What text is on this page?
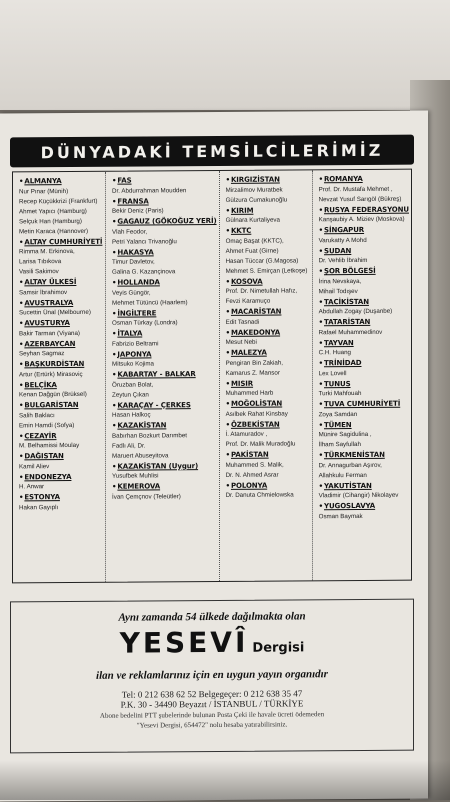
DÜNYADAKİ TEMSİLCİLERİMİZ
•ALMANYA
Nur Pınar (Münih)
Recep Küçükkrizi (Frankfurt)
Ahmet Yapıcı (Hamburg)
Selçuk Han (Hamburg)
Metin Karaca (Hannover)
•ALTAY CUMHURİYETİ
Rimma M. Erkinova,
Larisa Tıbıkova
Vasili Sakimov
•ALTAY ÜLKESİ
Samsir İbrahimov
•AVUSTRALYA
Sucettin Ünal (Melbourne)
•AVUSTURYA
Bakir Tarman (Viyana)
•AZERBAYCAN
Seyhan Sagmaz
•BAŞKURDİSTAN
Artur (Ertürk) Mirasoviç
•BELÇİKA
Kenan Dağgün (Brüksel)
•BULGARİSTAN
Salih Baklacı
Emin Hamdi (Sofya)
•CEZAYİR
M. Belhamissi Moulay
•DAĞISTAN
Kamil Aliev
•ENDONEZYA
H. Anwar
•ESTONYA
Hakan Gayıplı
•FAS
Dr. Abdurrahman Moudden
•FRANSA
Bekir Deniz (Paris)
•GAGAUZ (GÖKOĞUZ YERİ)
Vlah Feodor,
Petri Yalancı Trivanoğlu
•HAKASYA
Timur Davletov,
Galina G. Kazançinova
•HOLLANDA
Veyis Güngör,
Mehmet Tütüncü (Haarlem)
•İNGİLTERE
Osman Türkay (Londra)
•İTALYA
Fabrizio Beltrami
•JAPONYA
Mitsuko Kojima
•KABARTAY - BALKAR
Öruzban Bolat,
Zeytun Çıkan
•KARAÇAY - ÇERKES
Hasan Halkoç
•KAZAKİSTAN
Babırhan Bozkurt Darımbet
Fadlı Ali, Dr.
Maruert Abuseyitova
•KAZAKİSTAN (Uygur)
Yusufbek Muhlisi
•KEMEROVA
İvan Çemçnov (Teleütler)
•KIRGIZİSTAN
Mirzalimov Muratbek
Gülzura Cumakunoğlu
•KIRIM
Gülnara Kurtaliyeva
•KKTC
Omaç Başat (KKTC),
Ahmet Fuat (Girne)
Hasan Tüccar (G.Magosa)
Mehmet S. Emirçan (Letkoşe)
•KOSOVA
Prof. Dr. Nimetullah Hafız,
Fevzi Karamuço
•MACARİSTAN
Edit Tasnadi
•MAKEDONYA
Mesut Nebi
•MALEZYA
Pengiran Bin Zakiah,
Kamarus Z. Mansor
•MISIR
Muhammed Harb
•MOĞOLİSTAN
Asılbek Rahat Kinsbay
•ÖZBEKİSTAN
İ. Atamuradov ,
Prof. Dr. Malik Muradoğlu
•PAKİSTAN
Muhammed S. Malik,
Dr. N. Ahmed Asrar
•POLONYA
Dr. Danuta Chmielowska
•ROMANYA
Prof. Dr. Mustafa Mehmet ,
Nevzat Yusuf Sarıgöl (Bükreş)
•RUSYA FEDERASYONU
Kanşaubiy A. Miziev (Moskova)
•SİNGAPUR
Varukatty A Mohd
•SUDAN
Dr. Vehlib İbrahim
•ŞOR BÖLGESİ
İrina Nevskaya,
Mihail Todışev
•TACİKİSTAN
Abdullah Zogay (Duşanbe)
•TATARİSTAN
Rafael Muhammedinov
•TAYVAN
C.H. Huang
•TRİNİDAD
Lex Lovell
•TUNUS
Turki Mahfouah
•TUVA CUMHURİYETİ
Zoya Samdan
•TÜMEN
Münire Sagidulina ,
İlham Sayfullah
•TÜRKMENİSTAN
Dr. Annagurban Aşırov,
Allahkulu Ferman
•YAKUTİSTAN
Vladimir (Cihangir) Nikolayev
•YUGOSLAVYA
Osman Baymak
Aynı zamanda 54 ülkede dağılmakta olan
YESEVÎ Dergisi
ilan ve reklamlarınız için en uygun yayın organıdır
Tel: 0 212 638 62 52 Belgegeçer: 0 212 638 35 47
P.K. 30 - 34490 Beyazıt / İSTANBUL / TÜRKİYE
Abone bedelini PTT şubelerinde bulunan Posta Çeki ile havale ücreti ödemeden
"Yesevi Dergisi, 654472" nolu hesaba yatırabilirsiniz.
